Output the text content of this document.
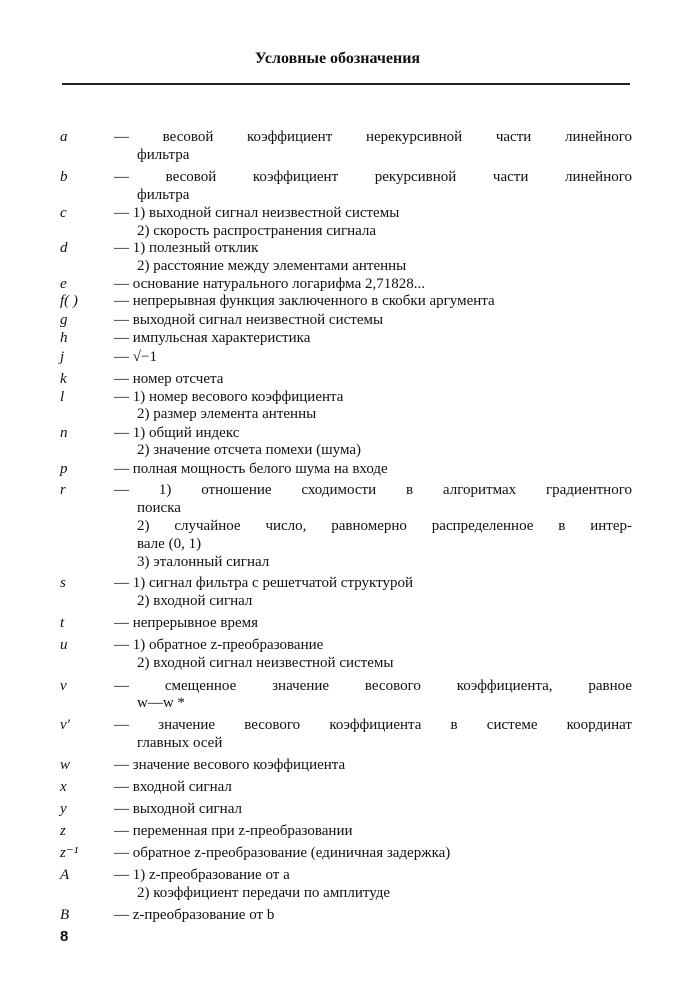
Условные обозначения
a	— весовой коэффициент нерекурсивной части линейного
фильтра
b	— весовой коэффициент рекурсивной части линейного
фильтра
c	— 1) выходной сигнал неизвестной системы
2) скорость распространения сигнала
d	— 1) полезный отклик
2) расстояние между элементами антенны
e	— основание натурального логарифма 2,71828...
f( ) — непрерывная функция заключенного в скобки аргумента
g	— выходной сигнал неизвестной системы
h	— импульсная характеристика
j	— √−1
k	— номер отсчета
l	— 1) номер весового коэффициента
2) размер элемента антенны
n	— 1) общий индекс
2) значение отсчета помехи (шума)
p	— полная мощность белого шума на входе
r	— 1) отношение сходимости в алгоритмах градиентного
поиска
2) случайное число, равномерно распределенное в интер-
вале (0, 1)
3) эталонный сигнал
s	— 1) сигнал фильтра с решетчатой структурой
2) входной сигнал
t	— непрерывное время
u	— 1) обратное z-преобразование
2) входной сигнал неизвестной системы
v	— смещенное значение весового коэффициента, равное
w—w *
v′	— значение весового коэффициента в системе координат
главных осей
w	— значение весового коэффициента
x	— входной сигнал
y	— выходной сигнал
z	— переменная при z-преобразовании
z⁻¹ — обратное z-преобразование (единичная задержка)
A	— 1) z-преобразование от a
2) коэффициент передачи по амплитуде
B	— z-преобразование от b
8
